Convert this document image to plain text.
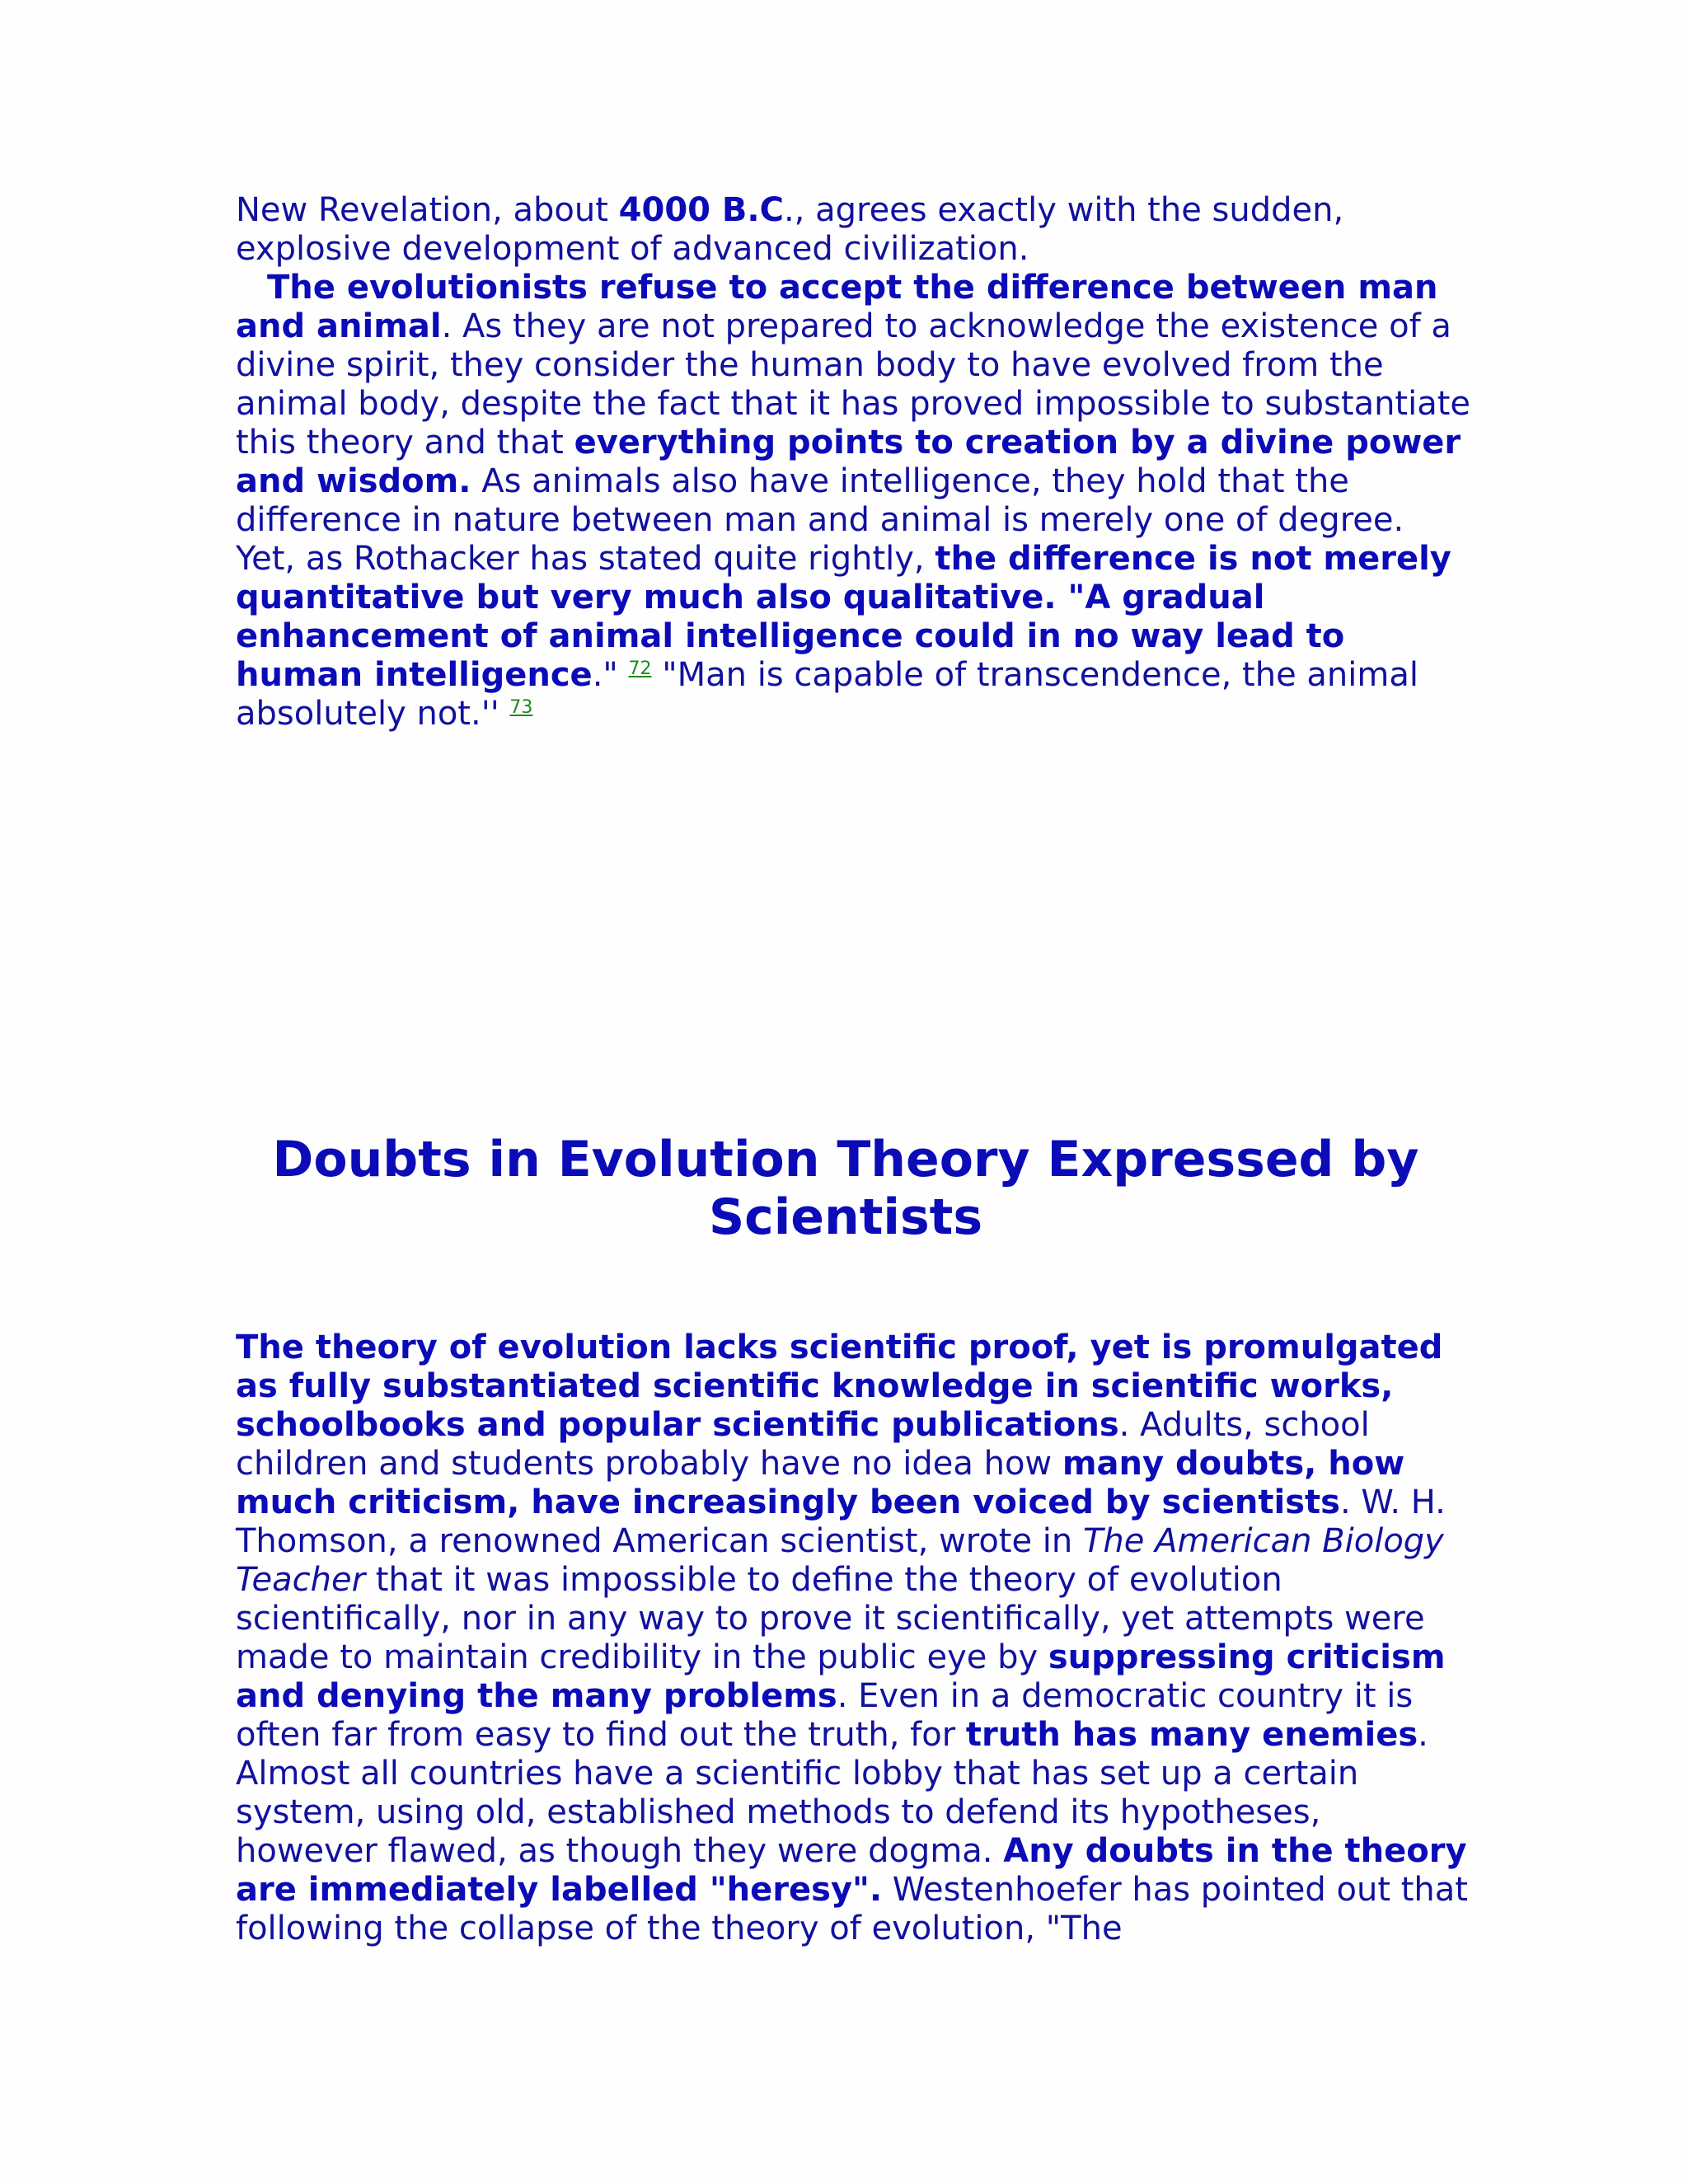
New Revelation, about 4000 B.C., agrees exactly with the sudden, explosive development of advanced civilization.

The evolutionists refuse to accept the difference between man and animal. As they are not prepared to acknowledge the existence of a divine spirit, they consider the human body to have evolved from the animal body, despite the fact that it has proved impossible to substantiate this theory and that everything points to creation by a divine power and wisdom. As animals also have intelligence, they hold that the difference in nature between man and animal is merely one of degree. Yet, as Rothacker has stated quite rightly, the difference is not merely quantitative but very much also qualitative. "A gradual enhancement of animal intelligence could in no way lead to human intelligence." $^{72}$ "Man is capable of transcendence, the animal absolutely not.'' $^{73}$

Doubts in Evolution Theory Expressed by Scientists

The theory of evolution lacks scientific proof, yet is promulgated as fully substantiated scientific knowledge in scientific works, schoolbooks and popular scientific publications. Adults, school children and students probably have no idea how many doubts, how much criticism, have increasingly been voiced by scientists. W. H. Thomson, a renowned American scientist, wrote in The American Biology Teacher that it was impossible to define the theory of evolution scientifically, nor in any way to prove it scientifically, yet attempts were made to maintain credibility in the public eye by suppressing criticism and denying the many problems. Even in a democratic country it is often far from easy to find out the truth, for truth has many enemies. Almost all countries have a scientific lobby that has set up a certain system, using old, established methods to defend its hypotheses, however flawed, as though they were dogma. Any doubts in the theory are immediately labelled "heresy". Westenhoefer has pointed out that following the collapse of the theory of evolution, "The
